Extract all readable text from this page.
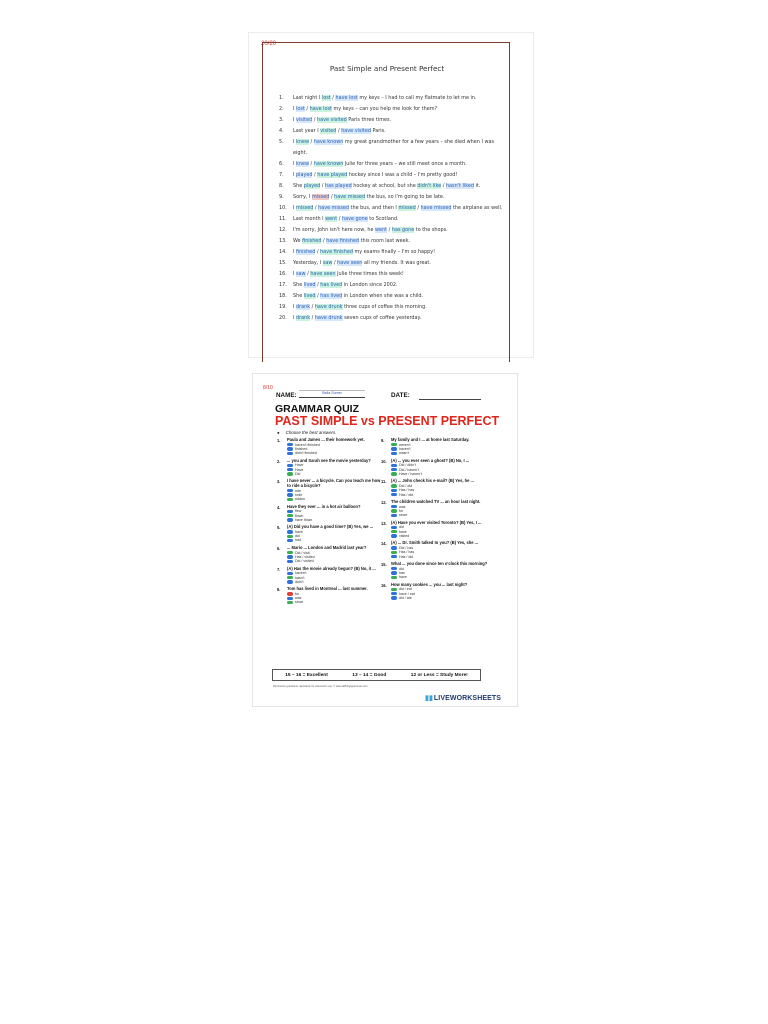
20/20
Past Simple and Present Perfect
1. Last night I lost / have lost my keys – I had to call my flatmate to let me in.
2. I lost / have lost my keys – can you help me look for them?
3. I visited / have visited Paris three times.
4. Last year I visited / have visited Paris.
5. I knew / have known my great grandmother for a few years – she died when I was eight.
6. I knew / have known Julie for three years – we still meet once a month.
7. I played / have played hockey since I was a child – I'm pretty good!
8. She played / has played hockey at school, but she didn't like / hasn't liked it.
9. Sorry, I missed / have missed the bus, so I'm going to be late.
10. I missed / have missed the bus, and then I missed / have missed the airplane as well.
11. Last month I went / have gone to Scotland.
12. I'm sorry, John isn't here now, he went / has gone to the shops.
13. We finished / have finished this room last week.
14. I finished / have finished my exams finally – I'm so happy!
15. Yesterday, I saw / have seen all my friends. It was great.
16. I saw / have seen Julie three times this week!
17. She lived / has lived in London since 2002.
18. She lived / has lived in London when she was a child.
19. I drank / have drunk three cups of coffee this morning.
20. I drank / have drunk seven cups of coffee yesterday.
8/10
NAME:	Bella Sumer	DATE:
GRAMMAR QUIZ
PAST SIMPLE vs PRESENT PERFECT
● Choose the best answers.
1. Paula and James ... their homework yet.
haven't finished
finished
didn't finished
2. ... you and Sarah see the movie yesterday?
Have
Have
Did
3. I have never ... a bicycle. Can you teach me how to ride a bicycle?
ride
rode
ridden
4. Have they ever ... in a hot air balloon?
flew
flown
have flown
5. (A) Did you have a good time? (B) Yes, we ...
have
did
had
6. ... Mario ... London and Madrid last year?
Did / visit
Has / visited
Did / visited
7. (A) Has the movie already begun? (B) No, it ...
haven't
hasn't
didn't
8. Tom has lived in Montreal ... last summer.
for
was
since
9. My family and I ... at home last Saturday.
weren't
haven't
wasn't
10. (A) ... you ever seen a ghost? (B) No, I ...
Did / didn't
Did / haven't
Have / haven't
11. (A) ... John check his e-mail? (B) Yes, he ...
Did / did
Has / has
Has / did
12. The children watched TV ... an hour last night.
was
for
since
13. (A) Have you ever visited Toronto? (B) Yes, I ...
did
have
visited
14. (A) ... Dr. Smith talked to you? (B) Yes, she ...
Did / has
Has / has
Has / did
15. What ... you done since ten o'clock this morning?
did
has
have
16. How many cookies ... you ... last night?
did / eat
have / eat
did / ate
15 – 16 = Excellent	13 – 14 = Good	12 or Less = Study More!
Permission granted to reproduce for classroom use. © www.allthingsgrammar.com
▮▮LIVEWORKSHEETS
